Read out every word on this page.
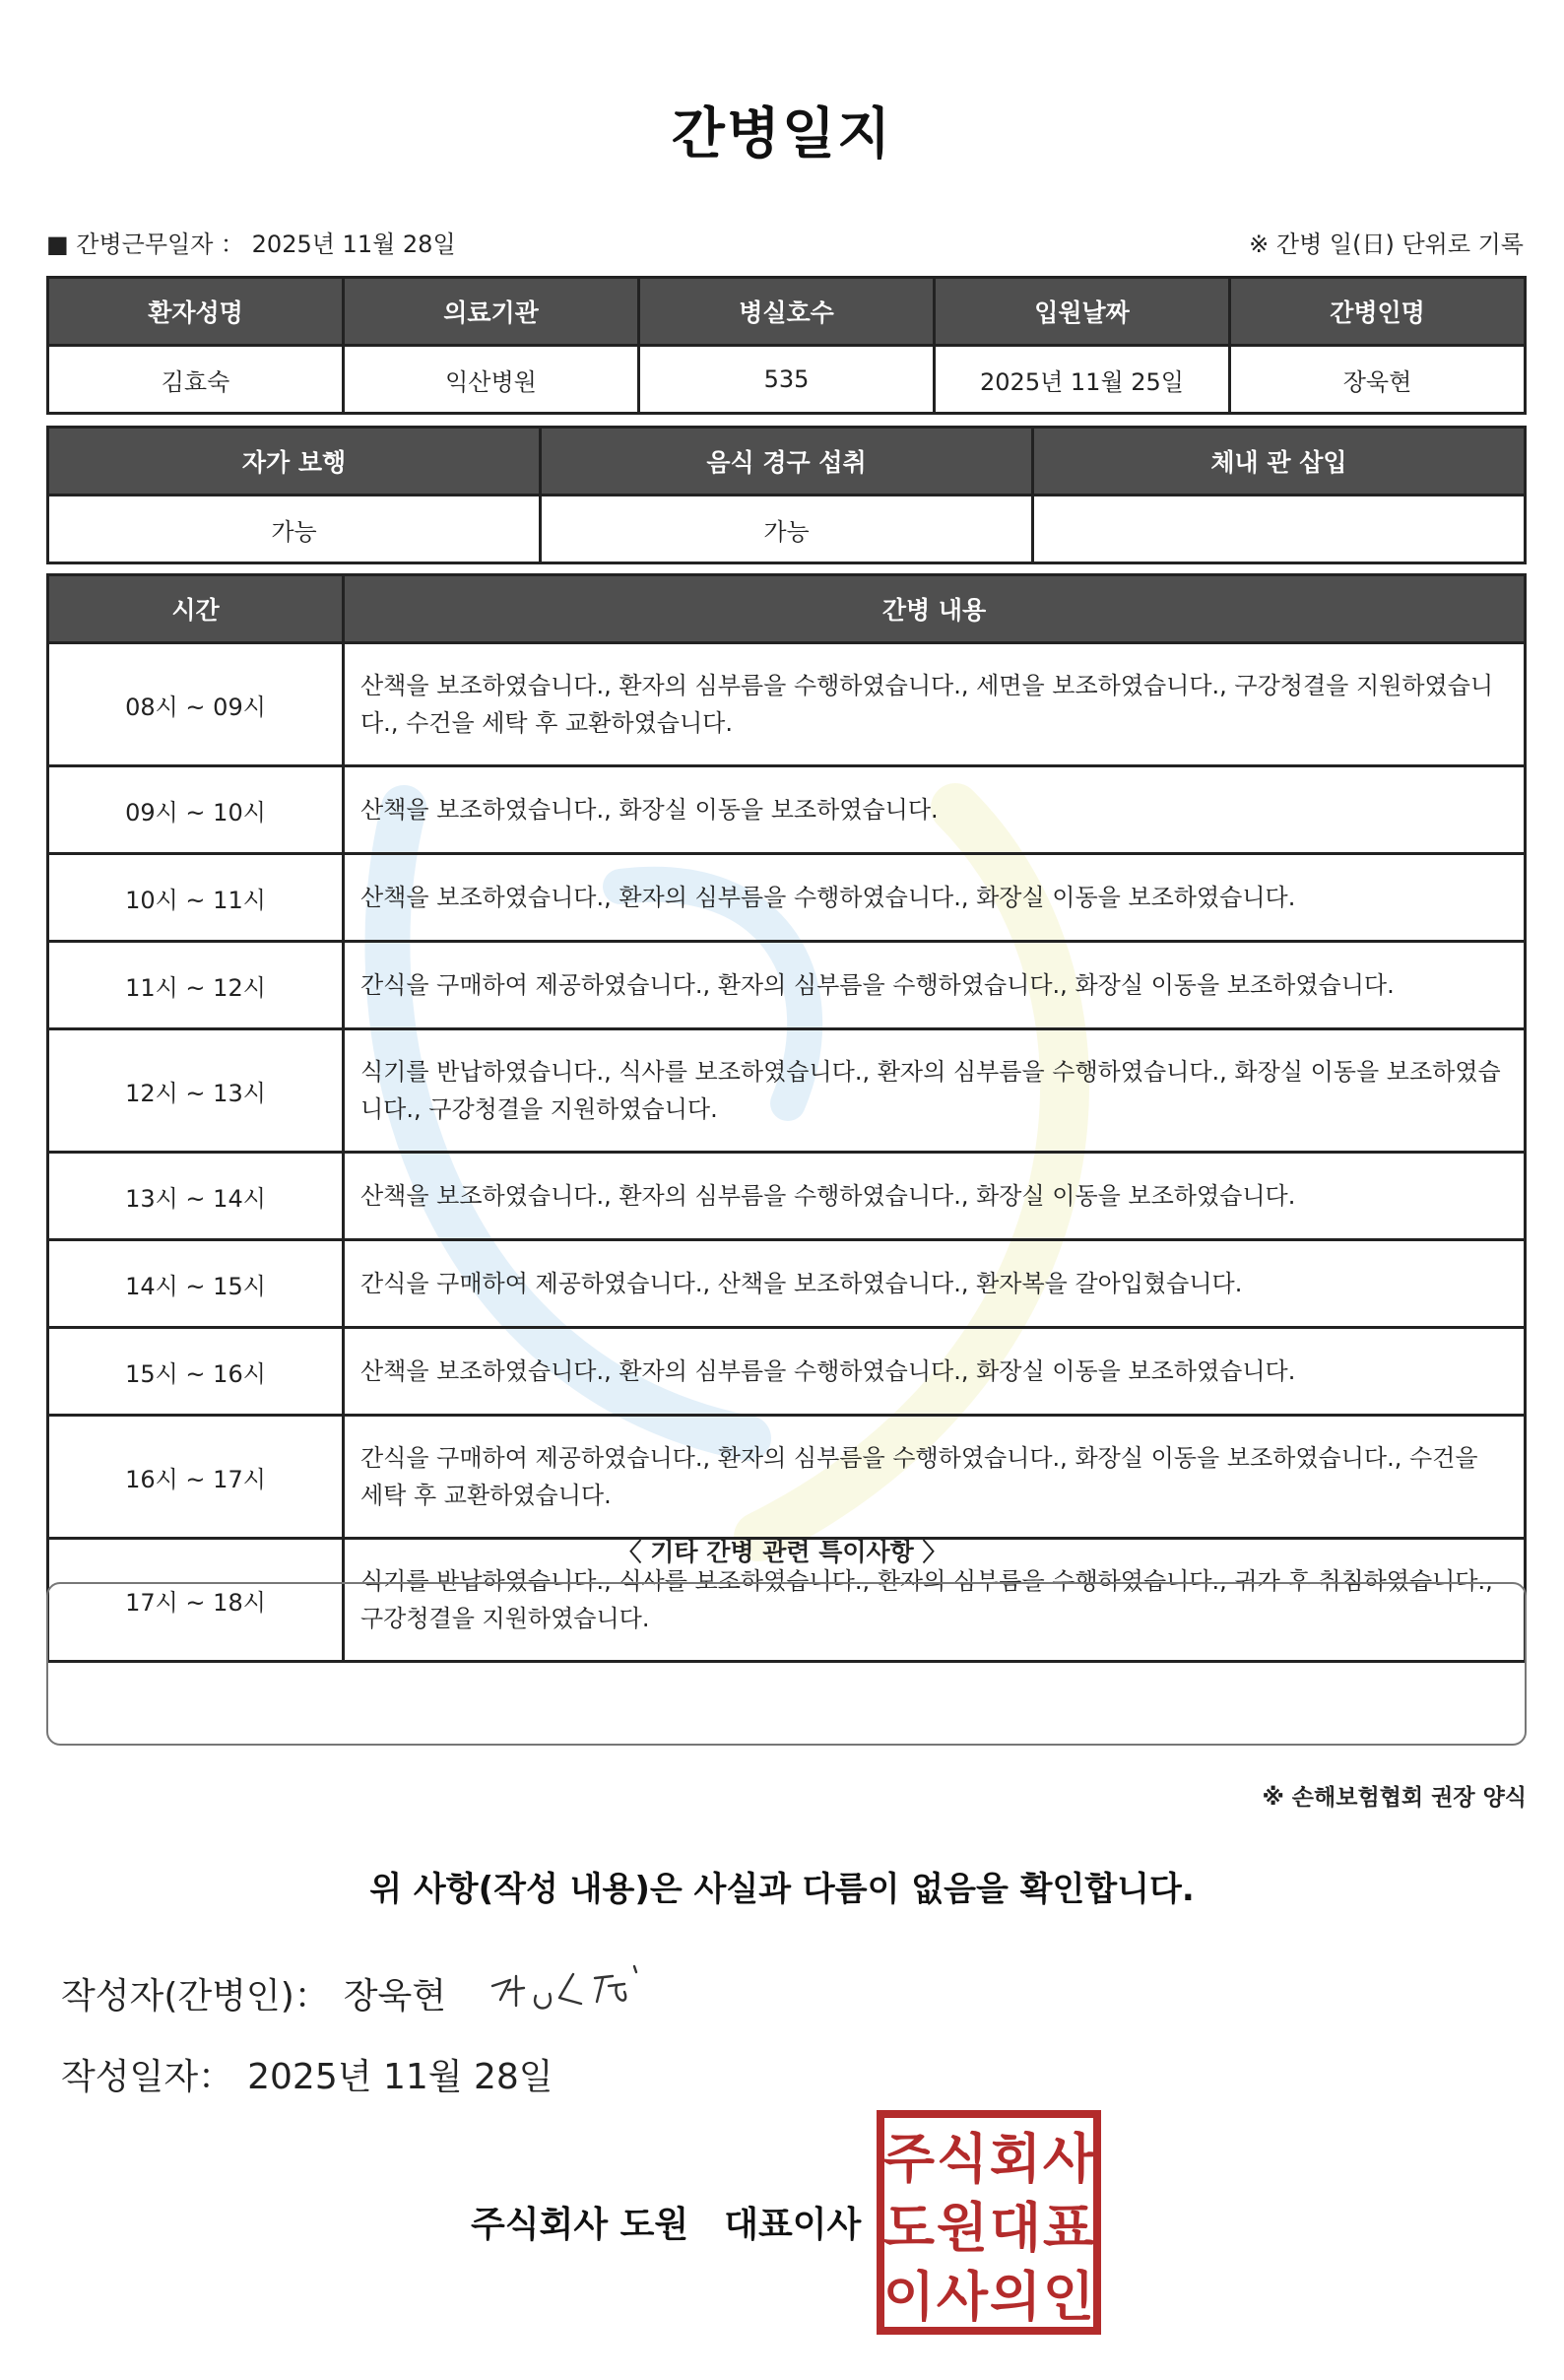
간병일지
■ 간병근무일자 ： 2025년 11월 28일	※ 간병 일(日) 단위로 기록
환자성명	의료기관	병실호수	입원날짜	간병인명
김효숙	익산병원	535	2025년 11월 25일	장욱현
자가 보행	음식 경구 섭취	체내 관 삽입
가능	가능	
시간	간병 내용
08시 ~ 09시	산책을 보조하였습니다., 환자의 심부름을 수행하였습니다., 세면을 보조하였습니다., 구강청결을 지원하였습니다., 수건을 세탁 후 교환하였습니다.
09시 ~ 10시	산책을 보조하였습니다., 화장실 이동을 보조하였습니다.
10시 ~ 11시	산책을 보조하였습니다., 환자의 심부름을 수행하였습니다., 화장실 이동을 보조하였습니다.
11시 ~ 12시	간식을 구매하여 제공하였습니다., 환자의 심부름을 수행하였습니다., 화장실 이동을 보조하였습니다.
12시 ~ 13시	식기를 반납하였습니다., 식사를 보조하였습니다., 환자의 심부름을 수행하였습니다., 화장실 이동을 보조하였습니다., 구강청결을 지원하였습니다.
13시 ~ 14시	산책을 보조하였습니다., 환자의 심부름을 수행하였습니다., 화장실 이동을 보조하였습니다.
14시 ~ 15시	간식을 구매하여 제공하였습니다., 산책을 보조하였습니다., 환자복을 갈아입혔습니다.
15시 ~ 16시	산책을 보조하였습니다., 환자의 심부름을 수행하였습니다., 화장실 이동을 보조하였습니다.
16시 ~ 17시	간식을 구매하여 제공하였습니다., 환자의 심부름을 수행하였습니다., 화장실 이동을 보조하였습니다., 수건을 세탁 후 교환하였습니다.
17시 ~ 18시	식기를 반납하였습니다., 식사를 보조하였습니다., 환자의 심부름을 수행하였습니다., 귀가 후 취침하였습니다., 구강청결을 지원하였습니다.
〈 기타 간병 관련 특이사항 〉
※ 손해보험협회 권장 양식
위 사항(작성 내용)은 사실과 다름이 없음을 확인합니다.
작성자(간병인)： 장욱현
작성일자： 2025년 11월 28일
주식회사 도원 대표이사
주 식 회 사
도 원 대 표
이 사 의 인
